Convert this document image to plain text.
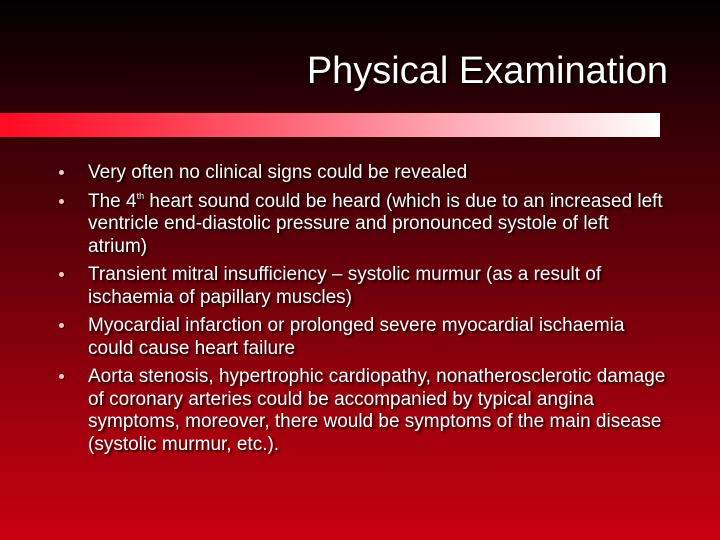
Physical Examination
Very often no clinical signs could be revealed
The 4th heart sound could be heard (which is due to an increased left ventricle end-diastolic pressure and pronounced systole of left atrium)
Transient mitral insufficiency – systolic murmur (as a result of ischaemia of papillary muscles)
Myocardial infarction or prolonged severe myocardial ischaemia could cause heart failure
Aorta stenosis, hypertrophic cardiopathy, nonatherosclerotic damage of coronary arteries could be accompanied by typical angina symptoms, moreover, there would be symptoms of the main disease (systolic murmur, etc.).
